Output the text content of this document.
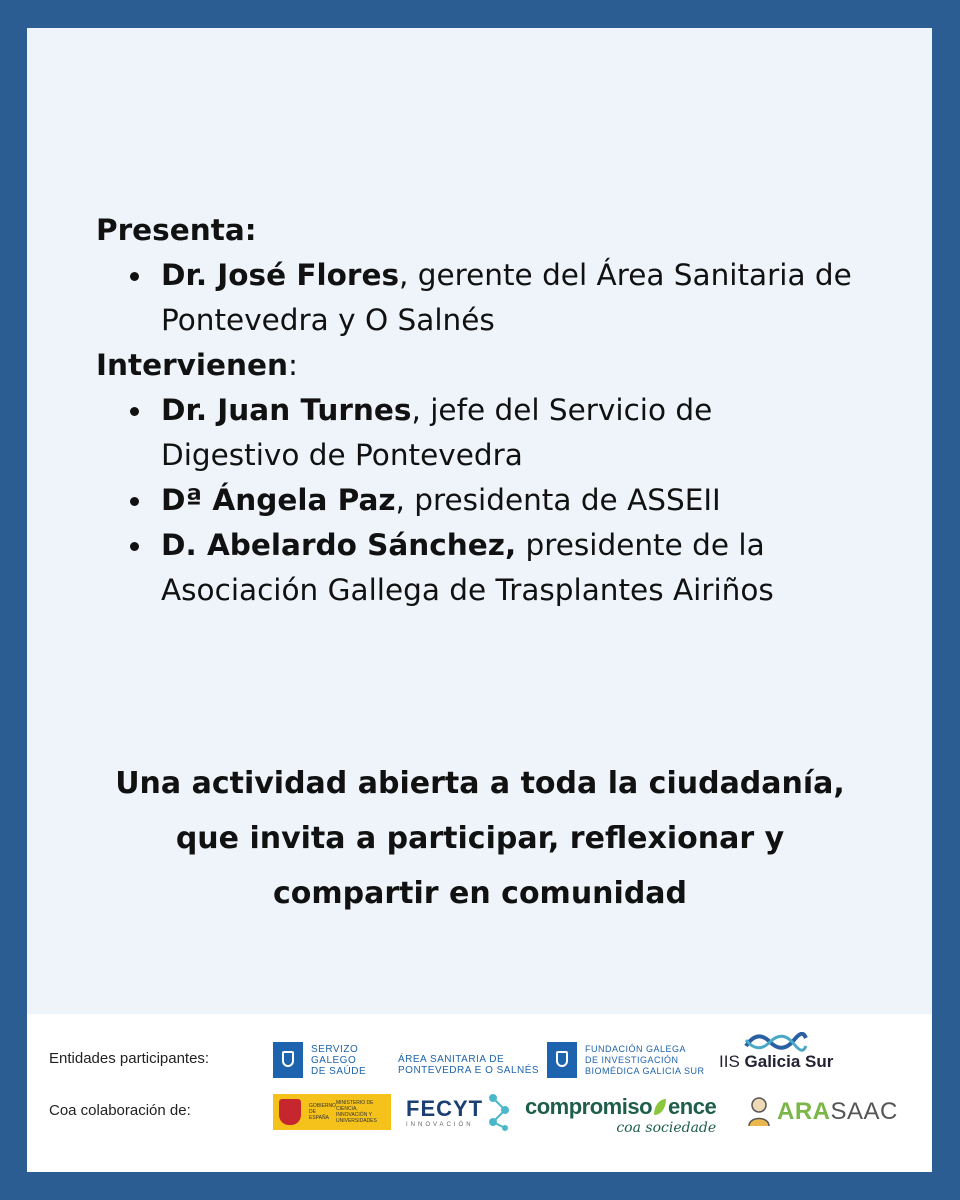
Presenta:
Dr. José Flores, gerente del Área Sanitaria de Pontevedra y O Salnés
Intervienen:
Dr. Juan Turnes, jefe del Servicio de Digestivo de Pontevedra
Dª Ángela Paz, presidenta de ASSEII
D. Abelardo Sánchez, presidente de la Asociación Gallega de Trasplantes Airiños
Una actividad abierta a toda la ciudadanía, que invita a participar, reflexionar y compartir en comunidad
Entidades participantes:
Coa colaboración de:
SERVIZO
GALEGO
DE SAÚDE
ÁREA SANITARIA DE
PONTEVEDRA E O SALNÉS
FUNDACIÓN GALEGA
DE INVESTIGACIÓN
BIOMÉDICA GALICIA SUR IIS Galicia Sur
GOBIERNO DE ESPAÑA
MINISTERIO DE CIENCIA, INNOVACIÓN Y UNIVERSIDADES FECYT
INNOVACIÓN
compromiso ence
coa sociedade
ARASAAC
